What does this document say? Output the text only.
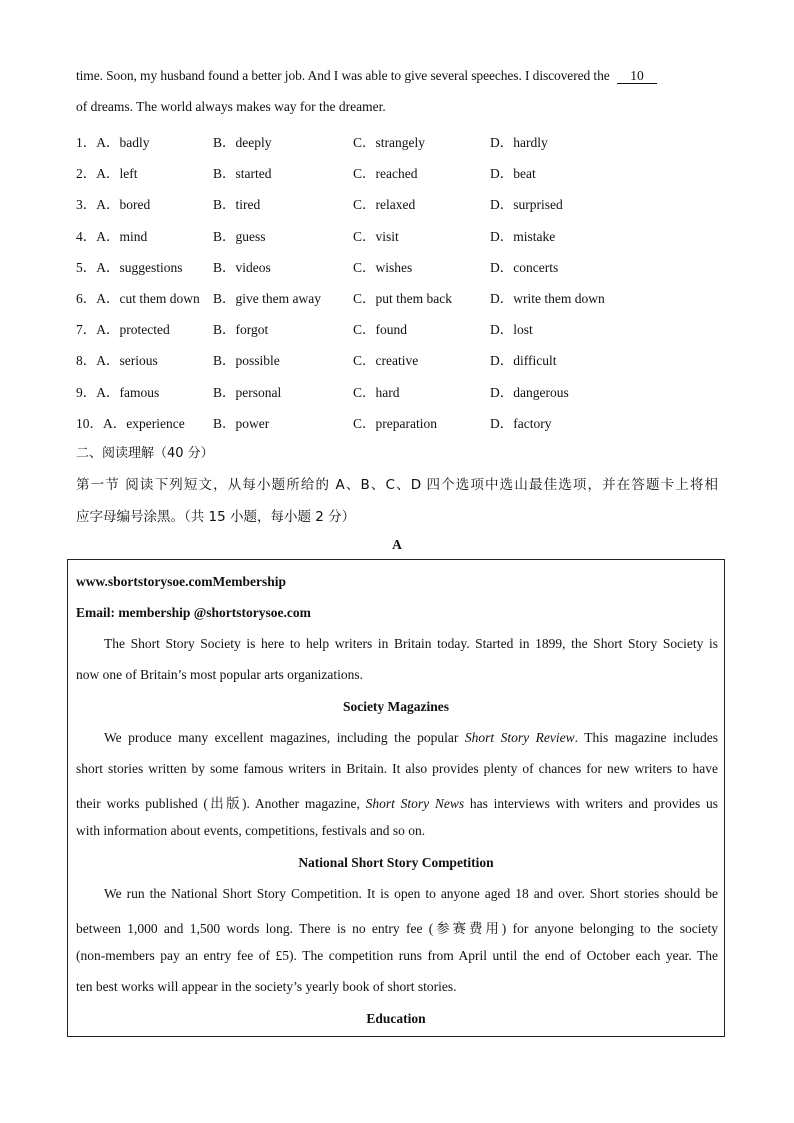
time. Soon, my husband found a better job. And I was able to give several speeches. I discovered the 10
of dreams. The world always makes way for the dreamer.
1．A．badly	B．deeply	C．strangely	D．hardly
2．A．left	B．started	C．reached	D．beat
3．A．bored	B．tired	C．relaxed	D．surprised
4．A．mind	B．guess	C．visit	D．mistake
5．A．suggestions B．videos	C．wishes	D．concerts
6．A．cut them down B．give them away C．put them back	D．write them down
7．A．protected	B．forgot	C．found	D．lost
8．A．serious	B．possible	C．creative	D．difficult
9．A．famous	B．personal	C．hard	D．dangerous
10．A．experience B．power	C．preparation	D．factory
二、阅读理解（40 分）
第一节 阅读下列短文，从每小题所给的 A、B、C、D 四个选项中选山最佳选项，并在答题卡上将相
应字母编号涂黑。（共 15 小题，每小题 2 分）
A
www.sbortstorysoe.comMembership
Email: membership @shortstorysoe.com
The Short Story Society is here to help writers in Britain today. Started in 1899, the Short Story Society is
now one of Britain’s most popular arts organizations.
Society Magazines
We produce many excellent magazines, including the popular Short Story Review. This magazine includes
short stories written by some famous writers in Britain. It also provides plenty of chances for new writers to have
their works published (出版). Another magazine, Short Story News has interviews with writers and provides us
with information about events, competitions, festivals and so on.
National Short Story Competition
We run the National Short Story Competition. It is open to anyone aged 18 and over. Short stories should be
between 1,000 and 1,500 words long. There is no entry fee (参赛费用) for anyone belonging to the society
(non-members pay an entry fee of £5). The competition runs from April until the end of October each year. The
ten best works will appear in the society’s yearly book of short stories.
Education
